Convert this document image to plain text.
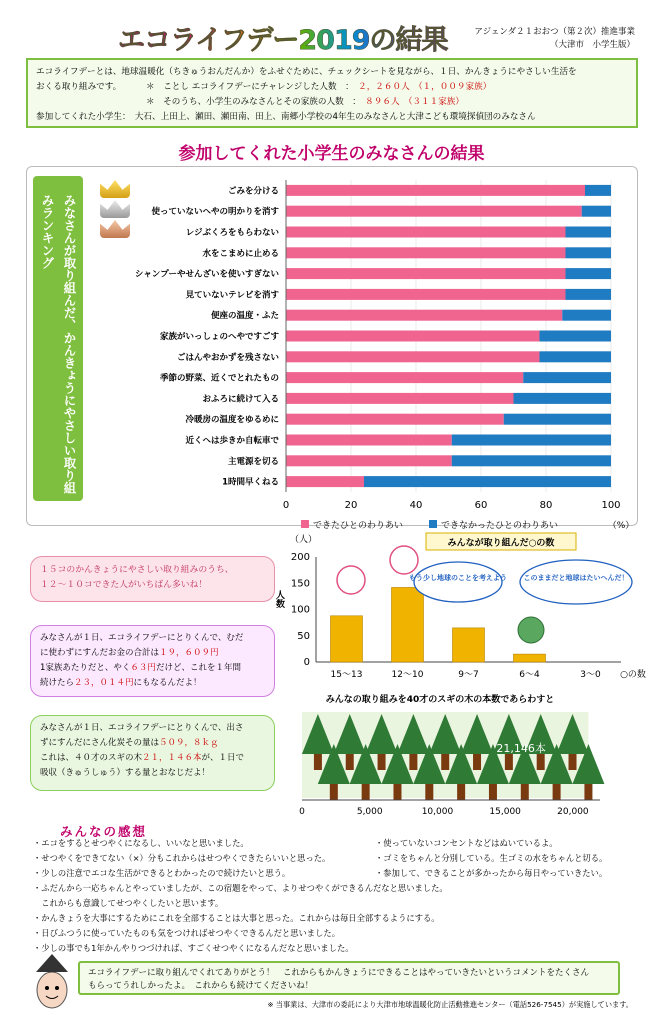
エコライフデー2019の結果	アジェンダ２１おおつ（第２次）推進事業
（大津市　小学生版）
エコライフデーとは、地球温暖化（ちきゅうおんだんか）をふせぐために、チェックシートを見ながら、１日、かんきょうにやさしい生活を
おくる取り組みです。	＊　ことし エコライフデーにチャレンジした人数　：　 ２，２６０人　（１，００９家族）
＊　そのうち、小学生のみなさんとその家族の人数　：　 ８９６人　（３１１家族）
参加してくれた小学生：　大石、上田上、瀬田、瀬田南、田上、南郷小学校の4年生のみなさんと大津こども環境探偵団のみなさん
参加してくれた小学生のみなさんの結果
みなさんが取り組んだ、かんきょうにやさしい取り組みランキング
0	20	40	60	80	100
（%）
ごみを分ける
使っていないへやの明かりを消す
レジぶくろをもらわない
水をこまめに止める
シャンプーやせんざいを使いすぎない
見ていないテレビを消す
便座の温度・ふた
家族がいっしょのへやですごす
ごはんやおかずを残さない
季節の野菜、近くでとれたもの
おふろに続けて入る
冷暖房の温度をゆるめに
近くへは歩きか自転車で
主電源を切る
1時間早くねる
できたひとのわりあい	できなかったひとのわりあい
１５コのかんきょうにやさしい取り組みのうち、
１２〜１０コできた人がいちばん多いね！
みなさんが１日、エコライフデーにとりくんで、むだ
に使わずにすんだお金の合計は１９，６０９円
1家族あたりだと、やく６３円だけど、これを１年間
続けたら２３，０１４円にもなるんだよ！
みなさんが１日、エコライフデーにとりくんで、出さ
ずにすんだにさん化炭その量は５０９，８ｋｇ
これは、４０才のスギの木２１，１４６本が、１日で
吸収（きゅうしゅう）する量とおなじだよ！
みんなが取り組んだ○の数
（人）
人数
0
50
100
150
200
15〜13	12〜10	9〜7	6〜4	3〜0 ○の数
もう少し地球のことを考えよう このままだと地球はたいへんだ！
みんなの取り組みを40才のスギの木の本数であらわすと
21,146本
0	5,000	10,000	15,000	20,000
みんなの感想
・エコをするとせつやくになるし、いいなと思いました。
・せつやくをできてない（×）分もこれからはせつやくできたらいいと思った。
・少しの注意でエコな生活ができるとわかったので続けたいと思う。
・ふだんから一応ちゃんとやっていましたが、この宿題をやって、よりせつやくができるんだなと思いました。
　これからも意識してせつやくしたいと思います。
・かんきょうを大事にするためにこれを全部することは大事と思った。これからは毎日全部するようにする。
・日びふつうに使っていたものも気をつければせつやくできるんだと思いました。
・少しの事でも1年かんやりつづければ、すごくせつやくになるんだなと思いました。
・使っていないコンセントなどはぬいているよ。
・ゴミをちゃんと分別している。生ゴミの水をちゃんと切る。
・参加して、できることが多かったから毎日やっていきたい。
エコライフデーに取り組んでくれてありがとう！　これからもかんきょうにできることはやっていきたいというコメントをたくさん
もらってうれしかったよ。　これからも続けてくださいね！
※ 当事業は、大津市の委託により大津市地球温暖化防止活動推進センター（電話526-7545）が実施しています。
